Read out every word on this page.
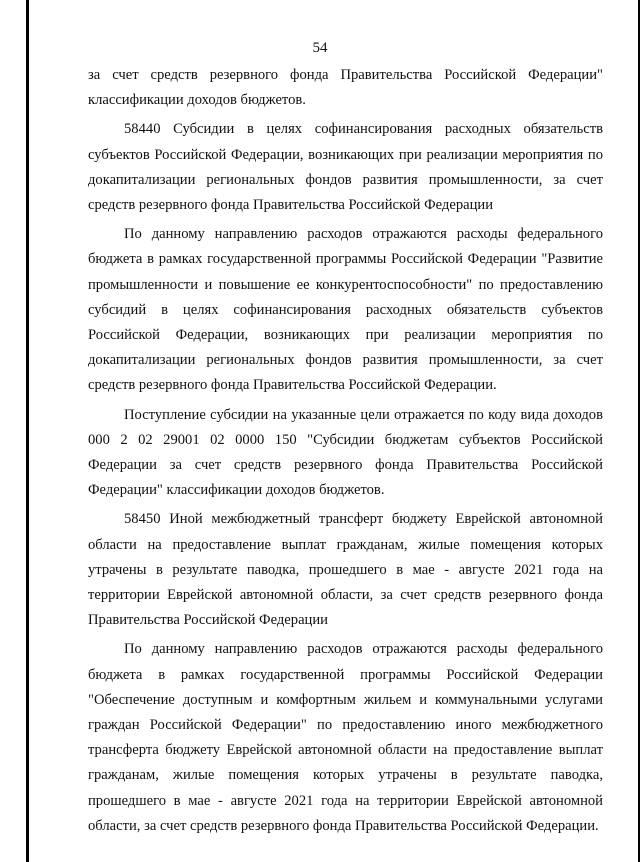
54

за счет средств резервного фонда Правительства Российской Федерации" классификации доходов бюджетов.

58440 Субсидии в целях софинансирования расходных обязательств субъектов Российской Федерации, возникающих при реализации мероприятия по докапитализации региональных фондов развития промышленности, за счет средств резервного фонда Правительства Российской Федерации

По данному направлению расходов отражаются расходы федерального бюджета в рамках государственной программы Российской Федерации "Развитие промышленности и повышение ее конкурентоспособности" по предоставлению субсидий в целях софинансирования расходных обязательств субъектов Российской Федерации, возникающих при реализации мероприятия по докапитализации региональных фондов развития промышленности, за счет средств резервного фонда Правительства Российской Федерации.

Поступление субсидии на указанные цели отражается по коду вида доходов 000 2 02 29001 02 0000 150 "Субсидии бюджетам субъектов Российской Федерации за счет средств резервного фонда Правительства Российской Федерации" классификации доходов бюджетов.

58450 Иной межбюджетный трансферт бюджету Еврейской автономной области на предоставление выплат гражданам, жилые помещения которых утрачены в результате паводка, прошедшего в мае - августе 2021 года на территории Еврейской автономной области, за счет средств резервного фонда Правительства Российской Федерации

По данному направлению расходов отражаются расходы федерального бюджета в рамках государственной программы Российской Федерации "Обеспечение доступным и комфортным жильем и коммунальными услугами граждан Российской Федерации" по предоставлению иного межбюджетного трансферта бюджету Еврейской автономной области на предоставление выплат гражданам, жилые помещения которых утрачены в результате паводка, прошедшего в мае - августе 2021 года на территории Еврейской автономной области, за счет средств резервного фонда Правительства Российской Федерации.
